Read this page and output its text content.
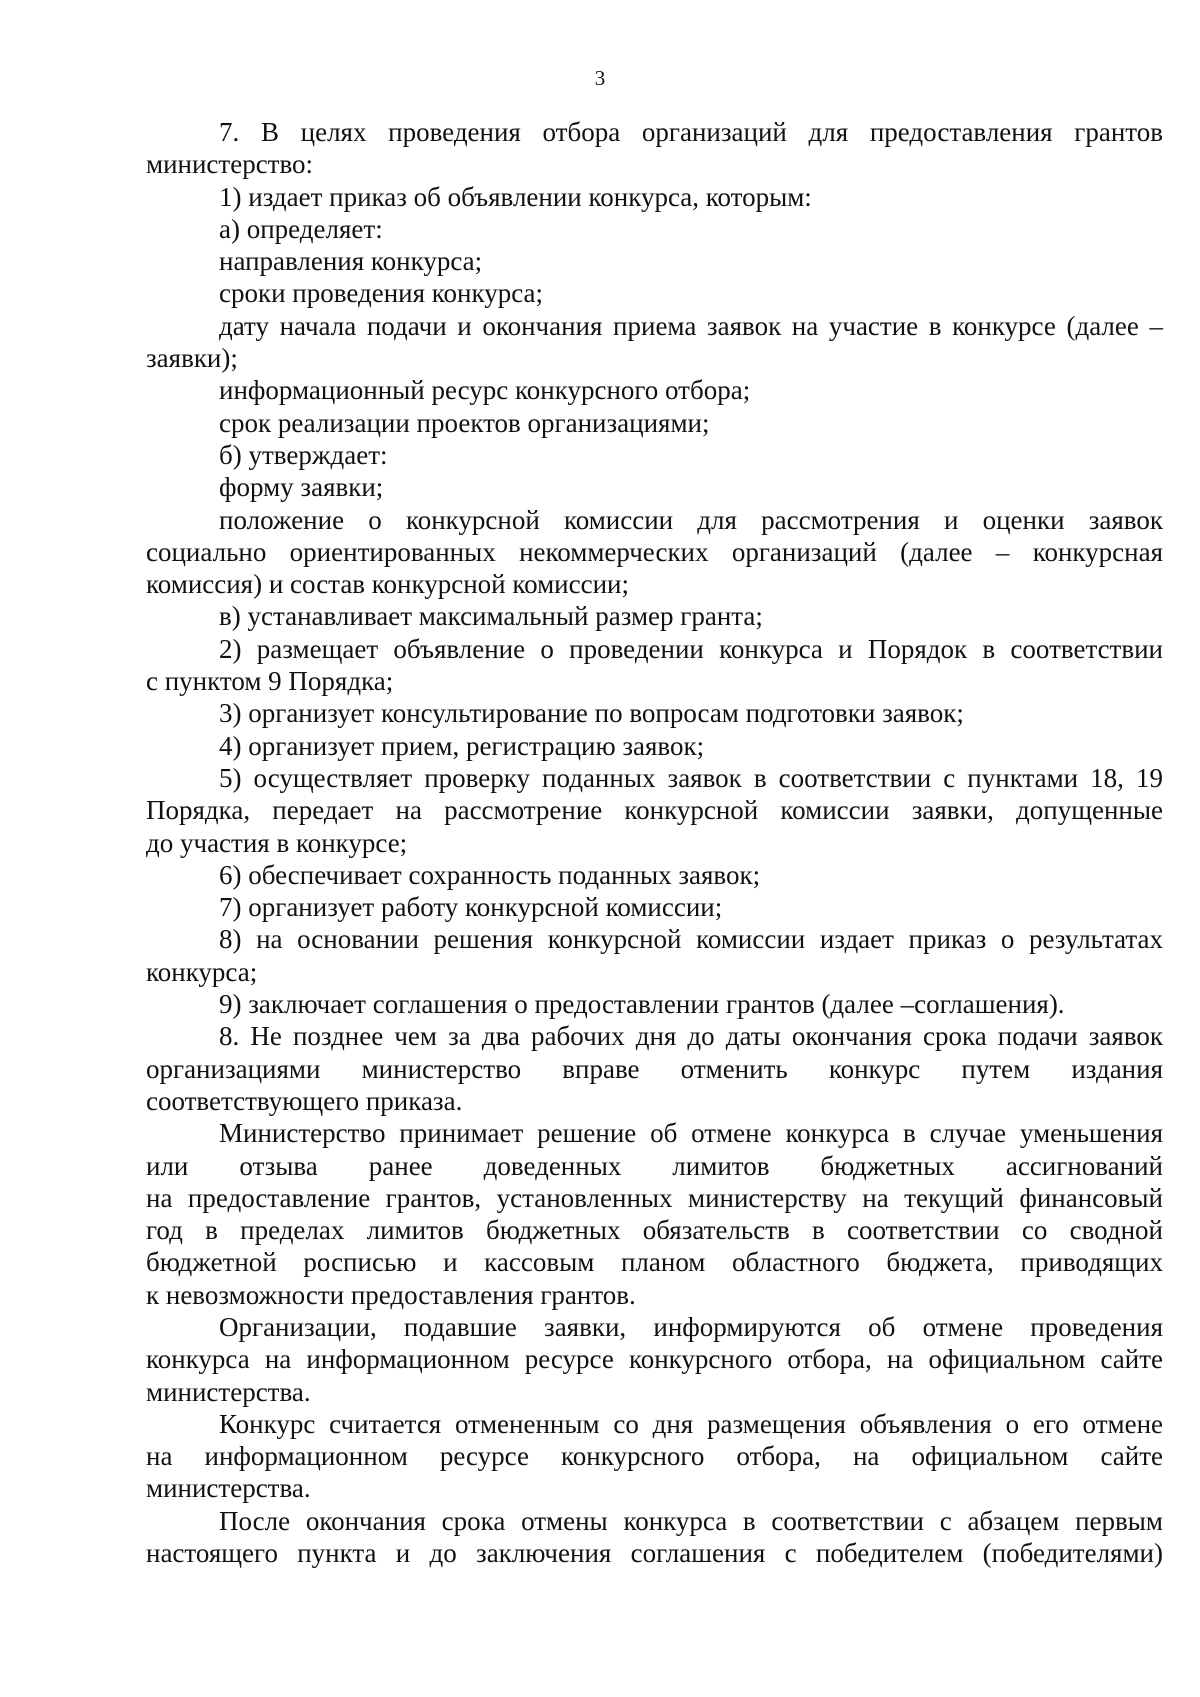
3

7. В целях проведения отбора организаций для предоставления грантов

министерство:

1) издает приказ об объявлении конкурса, которым:

а) определяет:

направления конкурса;

сроки проведения конкурса;

дату начала подачи и окончания приема заявок на участие в конкурсе (далее –

заявки);

информационный ресурс конкурсного отбора;

срок реализации проектов организациями;

б) утверждает:

форму заявки;

положение о конкурсной комиссии для рассмотрения и оценки заявок

социально ориентированных некоммерческих организаций (далее – конкурсная

комиссия) и состав конкурсной комиссии;

в) устанавливает максимальный размер гранта;

2) размещает объявление о проведении конкурса и Порядок в соответствии

с пунктом 9 Порядка;

3) организует консультирование по вопросам подготовки заявок;

4) организует прием, регистрацию заявок;

5) осуществляет проверку поданных заявок в соответствии с пунктами 18, 19

Порядка, передает на рассмотрение конкурсной комиссии заявки, допущенные

до участия в конкурсе;

6) обеспечивает сохранность поданных заявок;

7) организует работу конкурсной комиссии;

8) на основании решения конкурсной комиссии издает приказ о результатах

конкурса;

9) заключает соглашения о предоставлении грантов (далее –соглашения).

8. Не позднее чем за два рабочих дня до даты окончания срока подачи заявок

организациями министерство вправе отменить конкурс путем издания

соответствующего приказа.

Министерство принимает решение об отмене конкурса в случае уменьшения

или отзыва ранее доведенных лимитов бюджетных ассигнований

на предоставление грантов, установленных министерству на текущий финансовый

год в пределах лимитов бюджетных обязательств в соответствии со сводной

бюджетной росписью и кассовым планом областного бюджета, приводящих

к невозможности предоставления грантов.

Организации, подавшие заявки, информируются об отмене проведения

конкурса на информационном ресурсе конкурсного отбора, на официальном сайте

министерства.

Конкурс считается отмененным со дня размещения объявления о его отмене

на информационном ресурсе конкурсного отбора, на официальном сайте

министерства.

После окончания срока отмены конкурса в соответствии с абзацем первым

настоящего пункта и до заключения соглашения с победителем (победителями)
